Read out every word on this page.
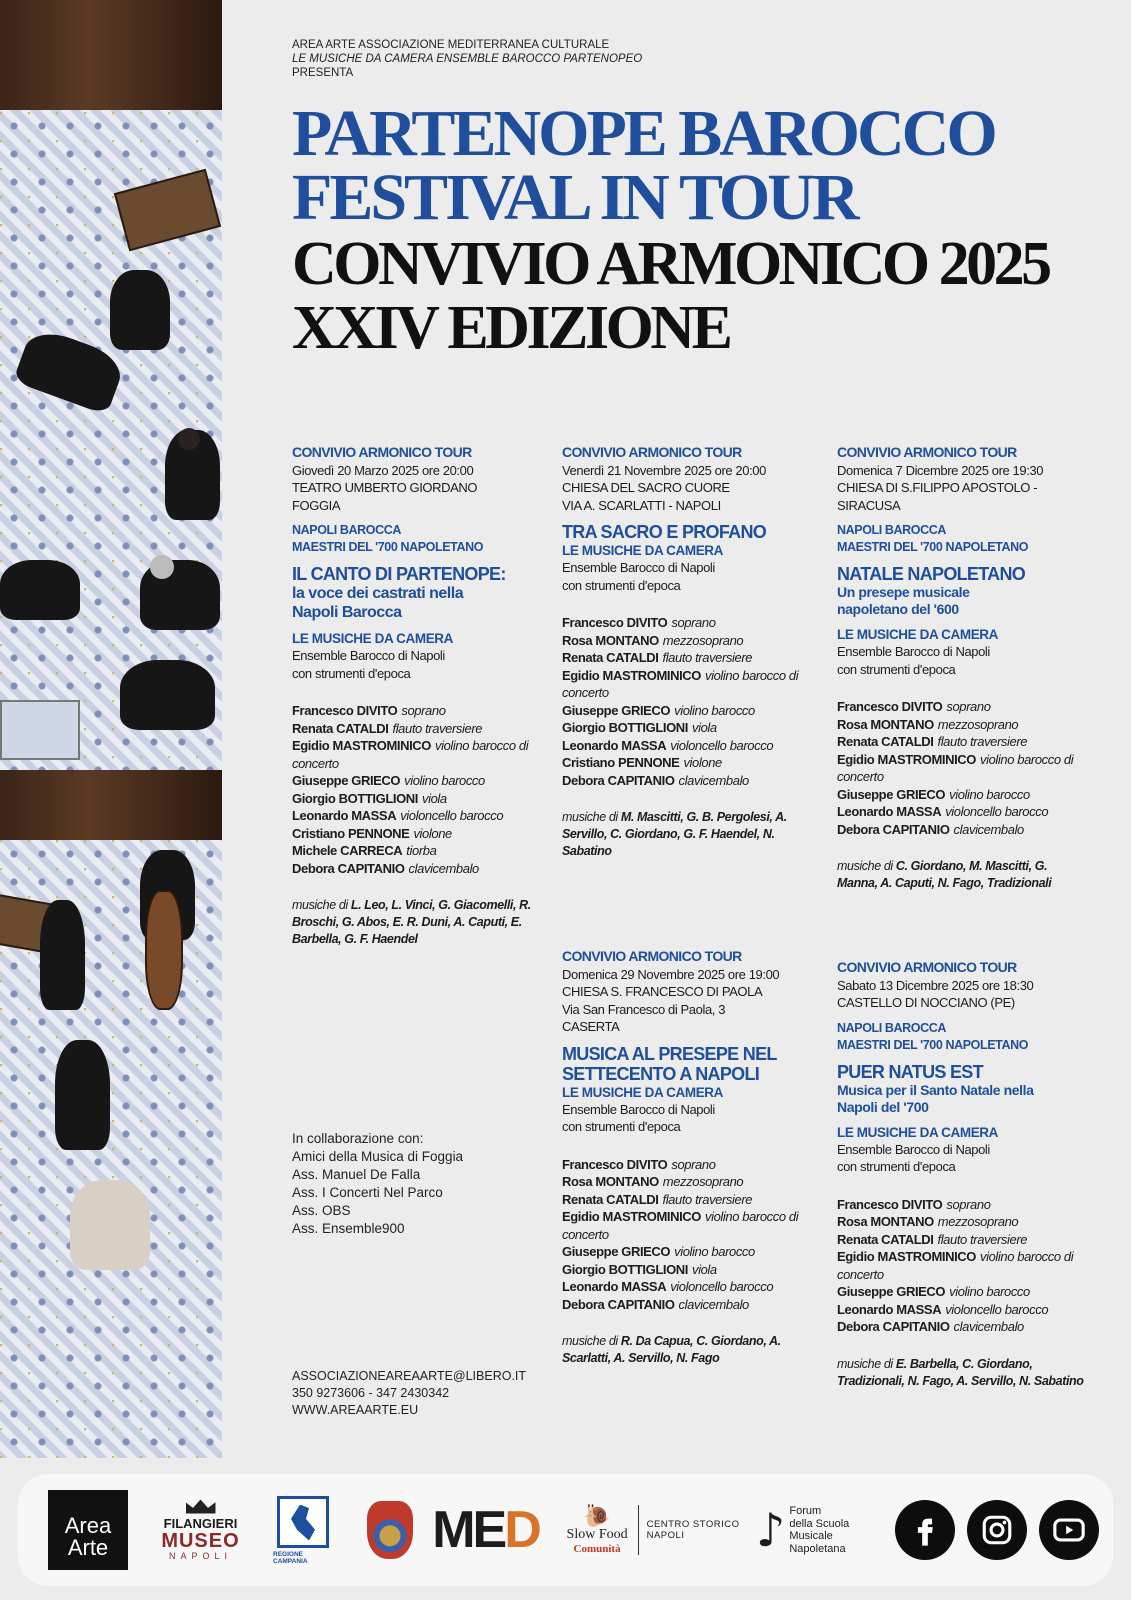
AREA ARTE ASSOCIAZIONE MEDITERRANEA CULTURALE
LE MUSICHE DA CAMERA ENSEMBLE BAROCCO PARTENOPEO
PRESENTA
PARTENOPE BAROCCO
FESTIVAL IN TOUR
CONVIVIO ARMONICO 2025
XXIV EDIZIONE
CONVIVIO ARMONICO TOUR
Giovedì 20 Marzo 2025 ore 20:00
TEATRO UMBERTO GIORDANO
FOGGIA
NAPOLI BAROCCA
MAESTRI DEL '700 NAPOLETANO
IL CANTO DI PARTENOPE:
la voce dei castrati nella
Napoli Barocca
LE MUSICHE DA CAMERA
Ensemble Barocco di Napoli
con strumenti d'epoca
Francesco DIVITO soprano
Renata CATALDI flauto traversiere
Egidio MASTROMINICO violino barocco di concerto
Giuseppe GRIECO violino barocco
Giorgio BOTTIGLIONI viola
Leonardo MASSA violoncello barocco
Cristiano PENNONE violone
Michele CARRECA tiorba
Debora CAPITANIO clavicembalo
musiche di L. Leo, L. Vinci, G. Giacomelli, R. Broschi, G. Abos, E. R. Duni, A. Caputi, E. Barbella, G. F. Haendel
CONVIVIO ARMONICO TOUR
Venerdì 21 Novembre 2025 ore 20:00
CHIESA DEL SACRO CUORE
VIA A. SCARLATTI - NAPOLI
TRA SACRO E PROFANO
LE MUSICHE DA CAMERA
Ensemble Barocco di Napoli
con strumenti d'epoca
Francesco DIVITO soprano
Rosa MONTANO mezzosoprano
Renata CATALDI flauto traversiere
Egidio MASTROMINICO violino barocco di concerto
Giuseppe GRIECO violino barocco
Giorgio BOTTIGLIONI viola
Leonardo MASSA violoncello barocco
Cristiano PENNONE violone
Debora CAPITANIO clavicembalo
musiche di M. Mascitti, G. B. Pergolesi, A. Servillo, C. Giordano, G. F. Haendel, N. Sabatino
CONVIVIO ARMONICO TOUR
Domenica 29 Novembre 2025 ore 19:00
CHIESA S. FRANCESCO DI PAOLA
Via San Francesco di Paola, 3
CASERTA
MUSICA AL PRESEPE NEL
SETTECENTO A NAPOLI
LE MUSICHE DA CAMERA
Ensemble Barocco di Napoli
con strumenti d'epoca
Francesco DIVITO soprano
Rosa MONTANO mezzosoprano
Renata CATALDI flauto traversiere
Egidio MASTROMINICO violino barocco di concerto
Giuseppe GRIECO violino barocco
Giorgio BOTTIGLIONI viola
Leonardo MASSA violoncello barocco
Debora CAPITANIO clavicembalo
musiche di R. Da Capua, C. Giordano, A. Scarlatti, A. Servillo, N. Fago
CONVIVIO ARMONICO TOUR
Domenica 7 Dicembre 2025 ore 19:30
CHIESA DI S.FILIPPO APOSTOLO -
SIRACUSA
NAPOLI BAROCCA
MAESTRI DEL '700 NAPOLETANO
NATALE NAPOLETANO
Un presepe musicale
napoletano del '600
LE MUSICHE DA CAMERA
Ensemble Barocco di Napoli
con strumenti d'epoca
Francesco DIVITO soprano
Rosa MONTANO mezzosoprano
Renata CATALDI flauto traversiere
Egidio MASTROMINICO violino barocco di concerto
Giuseppe GRIECO violino barocco
Leonardo MASSA violoncello barocco
Debora CAPITANIO clavicembalo
musiche di C. Giordano, M. Mascitti, G. Manna, A. Caputi, N. Fago, Tradizionali
CONVIVIO ARMONICO TOUR
Sabato 13 Dicembre 2025 ore 18:30
CASTELLO DI NOCCIANO (PE)
NAPOLI BAROCCA
MAESTRI DEL '700 NAPOLETANO
PUER NATUS EST
Musica per il Santo Natale nella
Napoli del '700
LE MUSICHE DA CAMERA
Ensemble Barocco di Napoli
con strumenti d'epoca
Francesco DIVITO soprano
Rosa MONTANO mezzosoprano
Renata CATALDI flauto traversiere
Egidio MASTROMINICO violino barocco di concerto
Giuseppe GRIECO violino barocco
Leonardo MASSA violoncello barocco
Debora CAPITANIO clavicembalo
musiche di E. Barbella, C. Giordano, Tradizionali, N. Fago, A. Servillo, N. Sabatino
In collaborazione con:
Amici della Musica di Foggia
Ass. Manuel De Falla
Ass. I Concerti Nel Parco
Ass. OBS
Ass. Ensemble900
ASSOCIAZIONEAREAARTE@LIBERO.IT
350 9273606 - 347 2430342
WWW.AREAARTE.EU
Area
Arte
FILANGIERI
MUSEO
NAPOLI	REGIONE CAMPANIA
ME D	🐌
Slow Food
Comunità
CENTRO STORICO
NAPOLI	♪ Forum
della Scuola
Musicale
Napoletana
